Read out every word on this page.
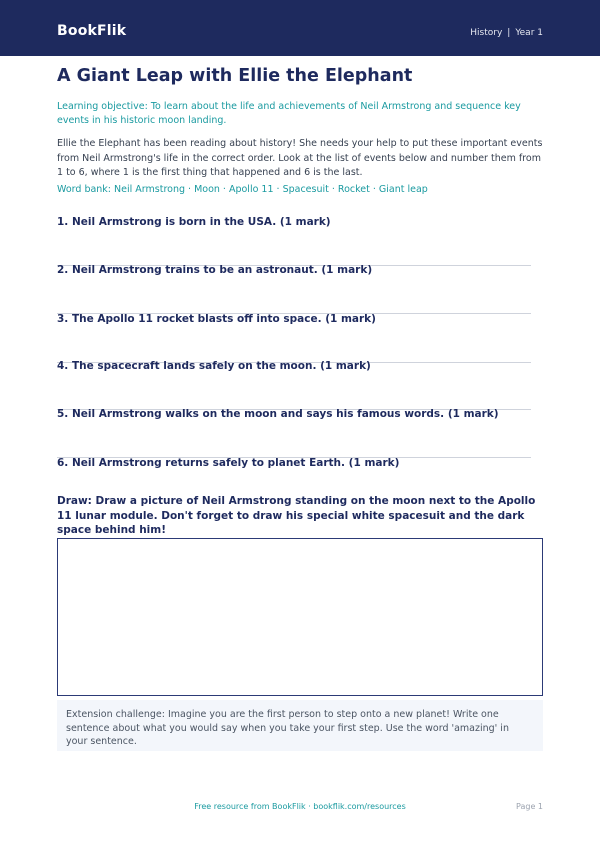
BookFlik	History | Year 1
A Giant Leap with Ellie the Elephant
Learning objective: To learn about the life and achievements of Neil Armstrong and sequence key events in his historic moon landing.
Ellie the Elephant has been reading about history! She needs your help to put these important events from Neil Armstrong's life in the correct order. Look at the list of events below and number them from 1 to 6, where 1 is the first thing that happened and 6 is the last.
Word bank: Neil Armstrong · Moon · Apollo 11 · Spacesuit · Rocket · Giant leap
1. Neil Armstrong is born in the USA. (1 mark)
2. Neil Armstrong trains to be an astronaut. (1 mark)
3. The Apollo 11 rocket blasts off into space. (1 mark)
4. The spacecraft lands safely on the moon. (1 mark)
5. Neil Armstrong walks on the moon and says his famous words. (1 mark)
6. Neil Armstrong returns safely to planet Earth. (1 mark)
Draw: Draw a picture of Neil Armstrong standing on the moon next to the Apollo 11 lunar module. Don't forget to draw his special white spacesuit and the dark space behind him!
Extension challenge: Imagine you are the first person to step onto a new planet! Write one sentence about what you would say when you take your first step. Use the word 'amazing' in your sentence.
Free resource from BookFlik · bookflik.com/resources	Page 1
